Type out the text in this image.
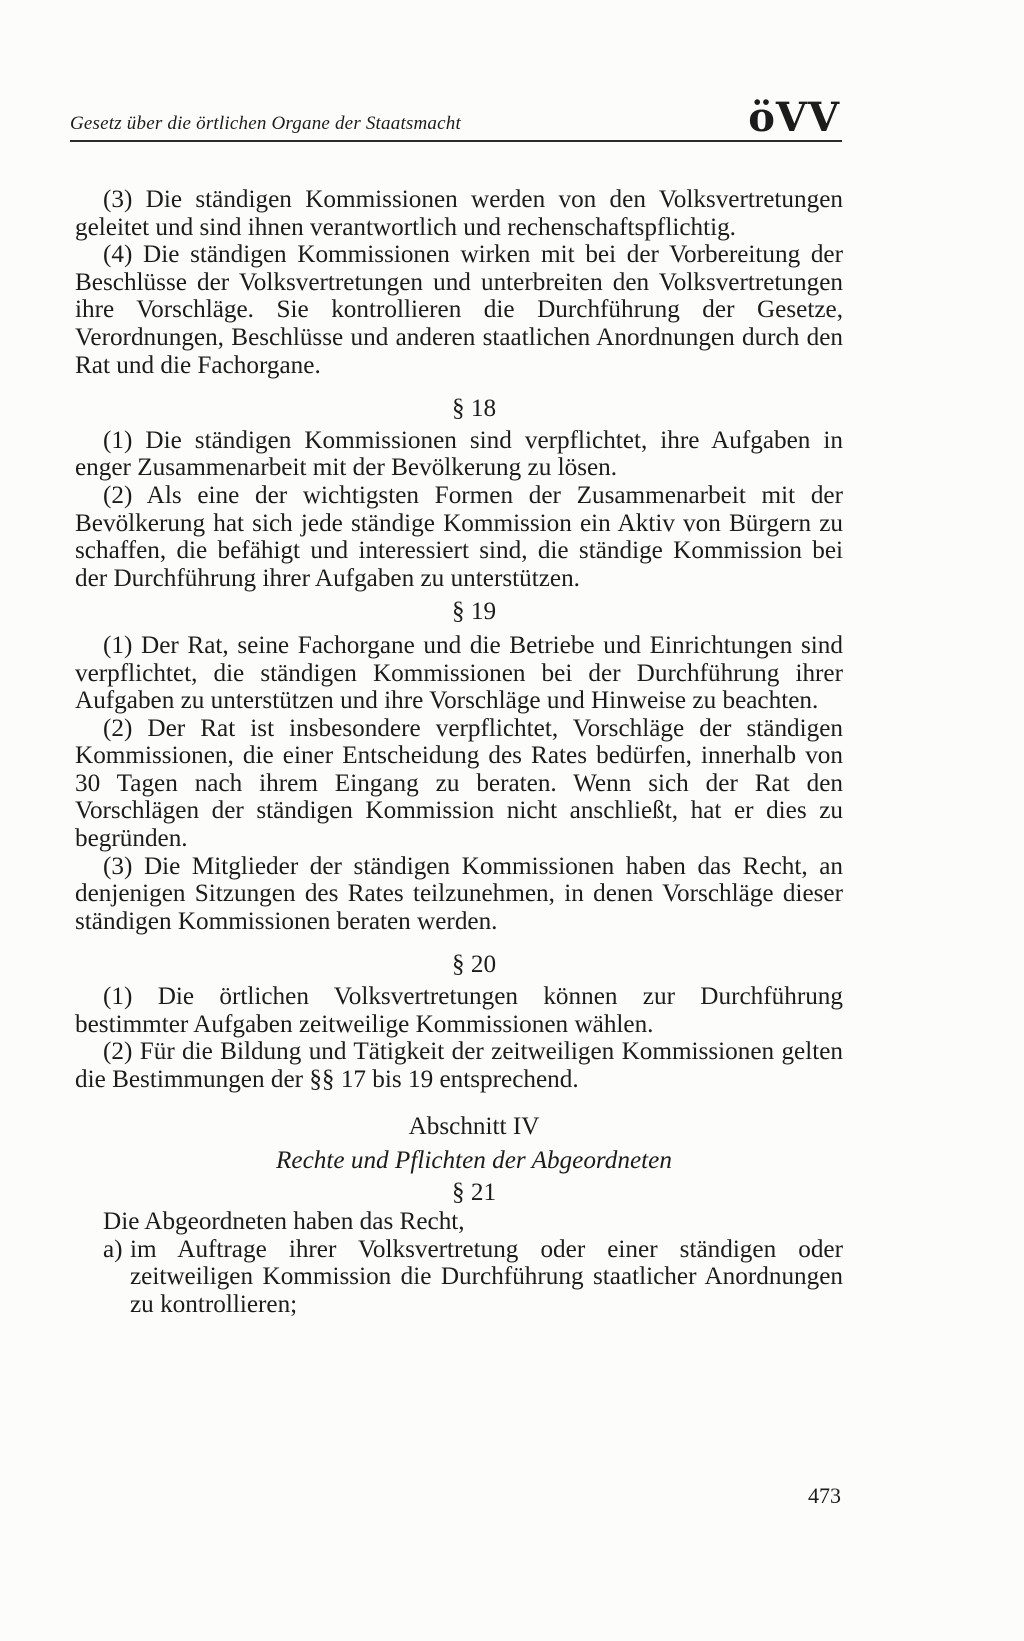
Gesetz über die örtlichen Organe der Staatsmacht	öVV

(3) Die ständigen Kommissionen werden von den Volksvertretungen geleitet und sind ihnen verantwortlich und rechenschaftspflichtig.

(4) Die ständigen Kommissionen wirken mit bei der Vorbereitung der Beschlüsse der Volksvertretungen und unterbreiten den Volksvertretungen ihre Vorschläge. Sie kontrollieren die Durchführung der Gesetze, Verordnungen, Beschlüsse und anderen staatlichen Anordnungen durch den Rat und die Fachorgane.

§ 18

(1) Die ständigen Kommissionen sind verpflichtet, ihre Aufgaben in enger Zusammenarbeit mit der Bevölkerung zu lösen.

(2) Als eine der wichtigsten Formen der Zusammenarbeit mit der Bevölkerung hat sich jede ständige Kommission ein Aktiv von Bürgern zu schaffen, die befähigt und interessiert sind, die ständige Kommission bei der Durchführung ihrer Aufgaben zu unterstützen.

§ 19

(1) Der Rat, seine Fachorgane und die Betriebe und Einrichtungen sind verpflichtet, die ständigen Kommissionen bei der Durchführung ihrer Aufgaben zu unterstützen und ihre Vorschläge und Hinweise zu beachten.

(2) Der Rat ist insbesondere verpflichtet, Vorschläge der ständigen Kommissionen, die einer Entscheidung des Rates bedürfen, innerhalb von 30 Tagen nach ihrem Eingang zu beraten. Wenn sich der Rat den Vorschlägen der ständigen Kommission nicht anschließt, hat er dies zu begründen.

(3) Die Mitglieder der ständigen Kommissionen haben das Recht, an denjenigen Sitzungen des Rates teilzunehmen, in denen Vorschläge dieser ständigen Kommissionen beraten werden.

§ 20

(1) Die örtlichen Volksvertretungen können zur Durchführung bestimmter Aufgaben zeitweilige Kommissionen wählen.

(2) Für die Bildung und Tätigkeit der zeitweiligen Kommissionen gelten die Bestimmungen der §§ 17 bis 19 entsprechend.

Abschnitt IV

Rechte und Pflichten der Abgeordneten

§ 21

Die Abgeordneten haben das Recht,

a) im Auftrage ihrer Volksvertretung oder einer ständigen oder zeitweiligen Kommission die Durchführung staatlicher Anordnungen zu kontrollieren;

473
